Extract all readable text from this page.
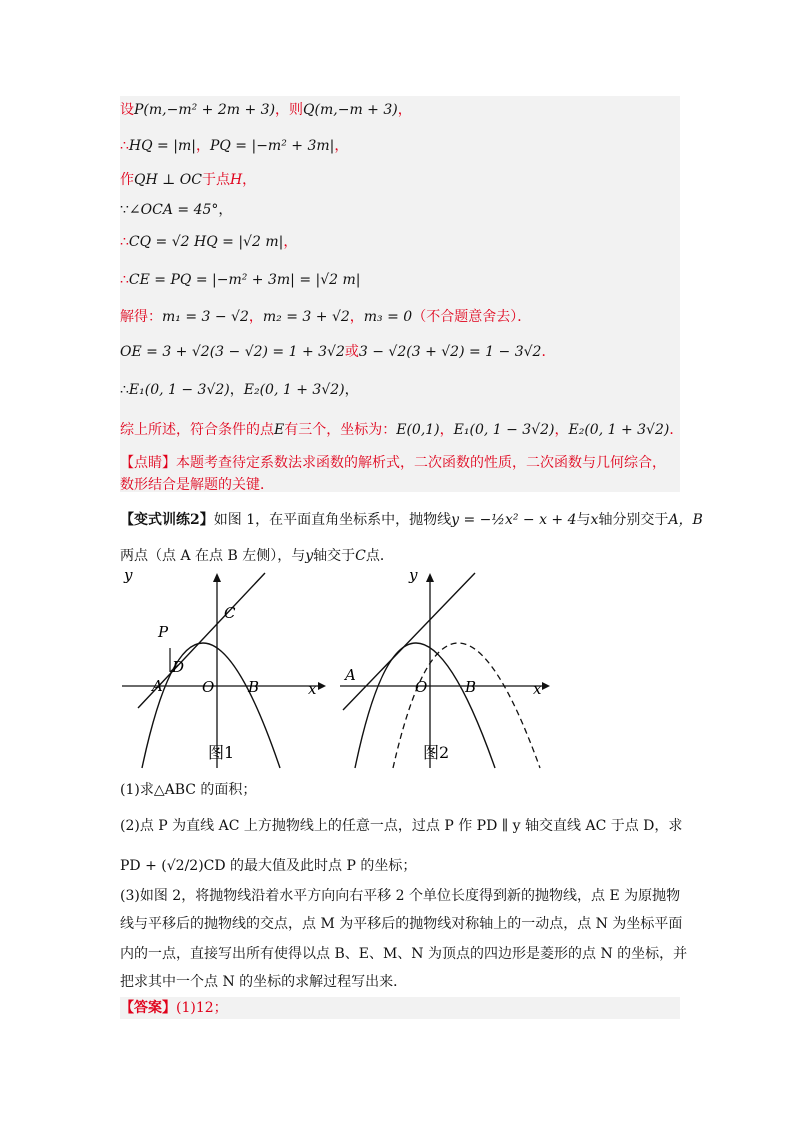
设P(m,−m² + 2m + 3)，则Q(m,−m + 3)，
∴HQ = |m|，PQ = |−m² + 3m|，
作QH ⊥ OC于点H，
∵∠OCA = 45°，
∴CQ = √2 HQ = |√2 m|，
∴CE = PQ = |−m² + 3m| = |√2 m|
解得：m₁ = 3 − √2，m₂ = 3 + √2，m₃ = 0（不合题意舍去）．
OE = 3 + √2(3 − √2) = 1 + 3√2或3 − √2(3 + √2) = 1 − 3√2．
∴E₁(0, 1 − 3√2)，E₂(0, 1 + 3√2)，
综上所述，符合条件的点E有三个，坐标为：E(0,1)，E₁(0, 1 − 3√2)，E₂(0, 1 + 3√2)．
【点睛】本题考查待定系数法求函数的解析式，二次函数的性质，二次函数与几何综合，
数形结合是解题的关键．
【变式训练2】如图 1，在平面直角坐标系中，抛物线y = −½x² − x + 4与x轴分别交于A，B
两点（点 A 在点 B 左侧），与y轴交于C点．
y
x
P
C
D
A	O B
图1
y
x
A
O	B
图2
(1)求△ABC 的面积；
(2)点 P 为直线 AC 上方抛物线上的任意一点，过点 P 作 PD ∥ y 轴交直线 AC 于点 D，求
PD + (√2/2)CD 的最大值及此时点 P 的坐标；
(3)如图 2，将抛物线沿着水平方向向右平移 2 个单位长度得到新的抛物线，点 E 为原抛物
线与平移后的抛物线的交点，点 M 为平移后的抛物线对称轴上的一动点，点 N 为坐标平面
内的一点，直接写出所有使得以点 B、E、M、N 为顶点的四边形是菱形的点 N 的坐标，并
把求其中一个点 N 的坐标的求解过程写出来．
【答案】(1)12；
